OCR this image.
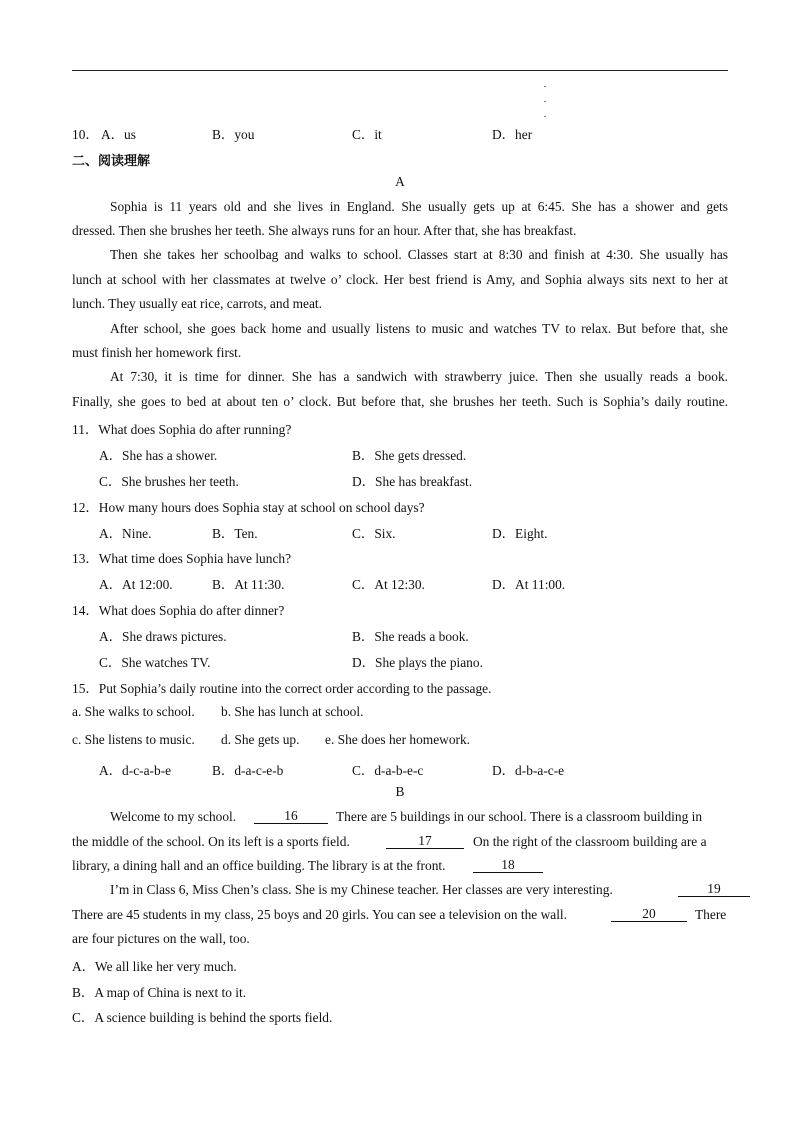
10． A．us	B．you	C．it	D．her
二、阅读理解
A
Sophia is 11 years old and she lives in England. She usually gets up at 6:45. She has a shower and gets
dressed. Then she brushes her teeth. She always runs for an hour. After that, she has breakfast.
Then she takes her schoolbag and walks to school. Classes start at 8:30 and finish at 4:30. She usually has
lunch at school with her classmates at twelve o’ clock. Her best friend is Amy, and Sophia always sits next to her at
lunch. They usually eat rice, carrots, and meat.
After school, she goes back home and usually listens to music and watches TV to relax. But before that, she
must finish her homework first.
At 7:30, it is time for dinner. She has a sandwich with strawberry juice. Then she usually reads a book.
Finally, she goes to bed at about ten o’ clock. But before that, she brushes her teeth. Such is Sophia’s daily routine.
11．What does Sophia do after running?
A．She has a shower.	B．She gets dressed.
C．She brushes her teeth.	D．She has breakfast.
12．How many hours does Sophia stay at school on school days?
A．Nine.	B．Ten.	C．Six.	D．Eight.
13．What time does Sophia have lunch?
A．At 12:00.	B．At 11:30.	C．At 12:30.	D．At 11:00.
14．What does Sophia do after dinner?
A．She draws pictures.	B．She reads a book.
C．She watches TV.	D．She plays the piano.
15．Put Sophia’s daily routine into the correct order according to the passage.
a. She walks to school. b. She has lunch at school.
c. She listens to music. d. She gets up. e. She does her homework.
A．d-c-a-b-e	B．d-a-c-e-b	C．d-a-b-e-c	D．d-b-a-c-e
B
Welcome to my school.	16	There are 5 buildings in our school. There is a classroom building in
the middle of the school. On its left is a sports field.	17	On the right of the classroom building are a
library, a dining hall and an office building. The library is at the front.	18
I’m in Class 6, Miss Chen’s class. She is my Chinese teacher. Her classes are very interesting.	19
There are 45 students in my class, 25 boys and 20 girls. You can see a television on the wall.	20	There
are four pictures on the wall, too.
A．We all like her very much.
B．A map of China is next to it.
C．A science building is behind the sports field.
